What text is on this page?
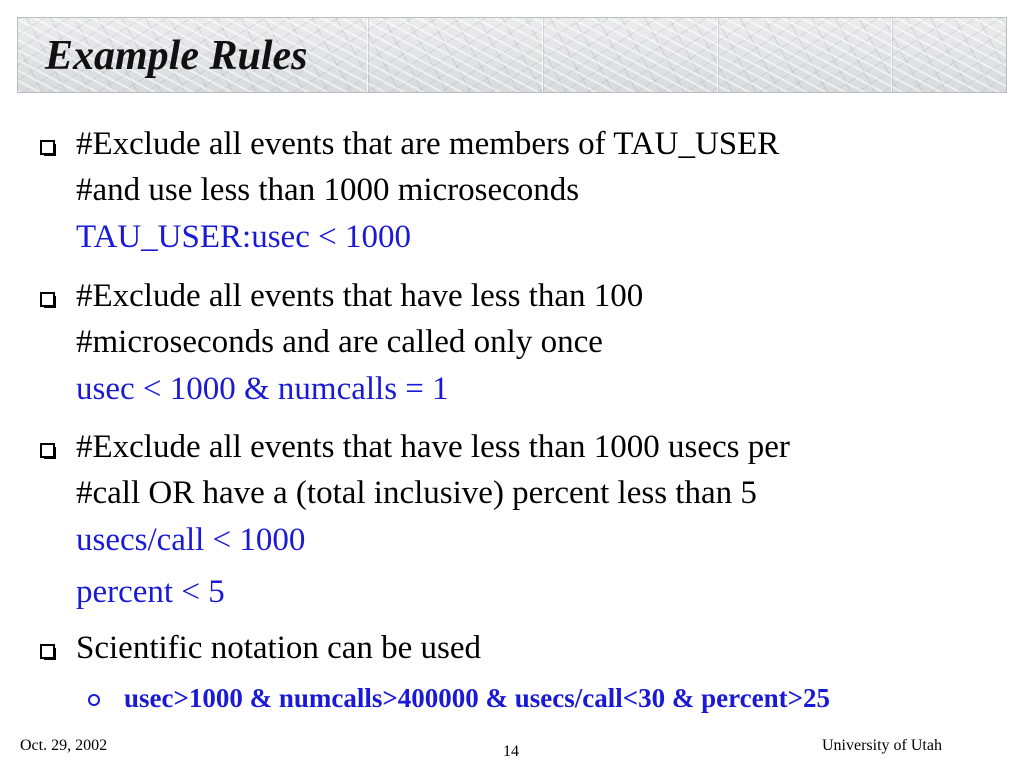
Example Rules
#Exclude all events that are members of TAU_USER
#and use less than 1000 microseconds
TAU_USER:usec < 1000
#Exclude all events that have less than 100
#microseconds and are called only once
usec < 1000 & numcalls = 1
#Exclude all events that have less than 1000 usecs per
#call OR have a (total inclusive) percent less than 5
usecs/call < 1000
percent < 5
Scientific notation can be used
usec>1000 & numcalls>400000 & usecs/call<30 & percent>25
Oct. 29, 2002	14	University of Utah
